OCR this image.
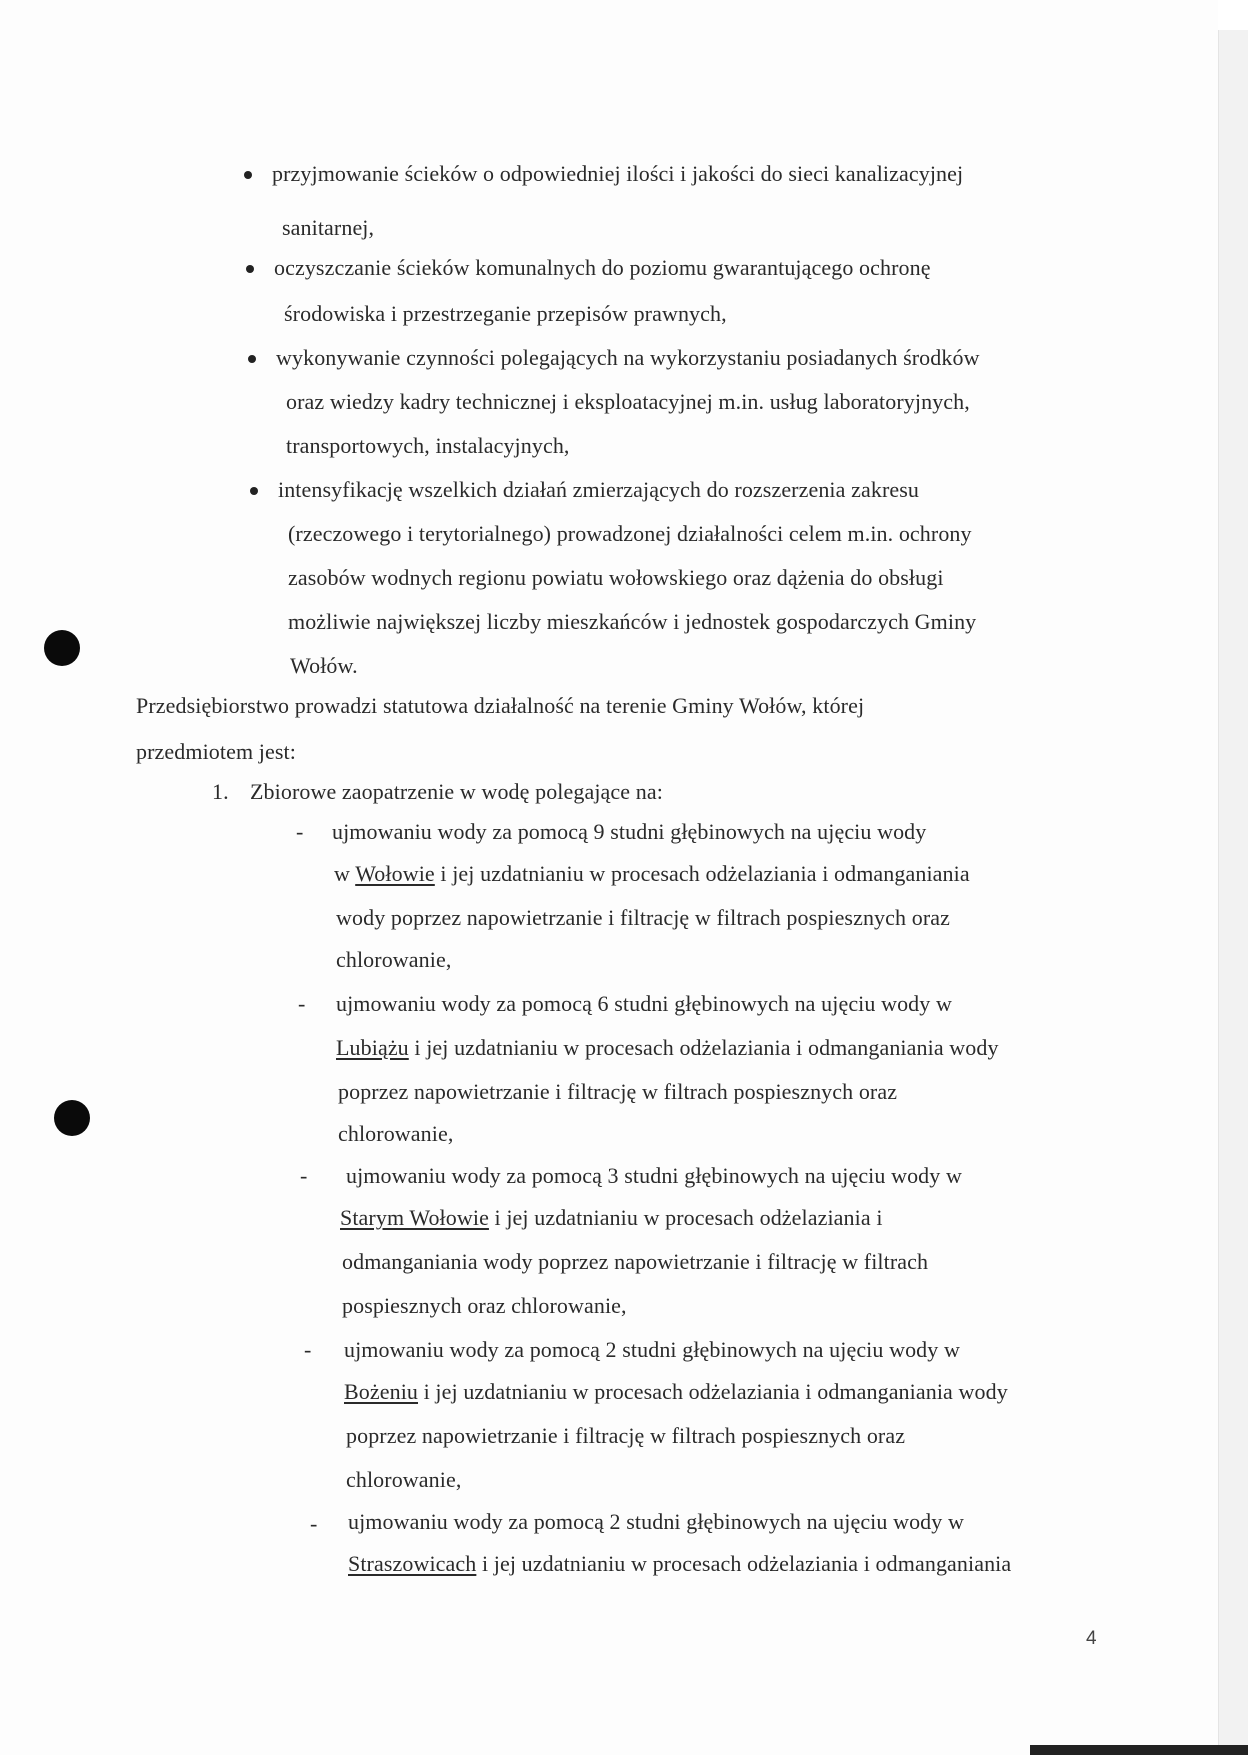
przyjmowanie ścieków o odpowiedniej ilości i jakości do sieci kanalizacyjnej
sanitarnej,
oczyszczanie ścieków komunalnych do poziomu gwarantującego ochronę
środowiska i przestrzeganie przepisów prawnych,
wykonywanie czynności polegających na wykorzystaniu posiadanych środków
oraz wiedzy kadry technicznej i eksploatacyjnej m.in. usług laboratoryjnych,
transportowych, instalacyjnych,
intensyfikację wszelkich działań zmierzających do rozszerzenia zakresu
(rzeczowego i terytorialnego) prowadzonej działalności celem m.in. ochrony
zasobów wodnych regionu powiatu wołowskiego oraz dążenia do obsługi
możliwie największej liczby mieszkańców i jednostek gospodarczych Gminy
Wołów.
Przedsiębiorstwo prowadzi statutowa działalność na terenie Gminy Wołów, której
przedmiotem jest:
1. Zbiorowe zaopatrzenie w wodę polegające na:
- ujmowaniu wody za pomocą 9 studni głębinowych na ujęciu wody
w Wołowie i jej uzdatnianiu w procesach odżelaziania i odmanganiania
wody poprzez napowietrzanie i filtrację w filtrach pospiesznych oraz
chlorowanie,
- ujmowaniu wody za pomocą 6 studni głębinowych na ujęciu wody w
Lubiążu i jej uzdatnianiu w procesach odżelaziania i odmanganiania wody
poprzez napowietrzanie i filtrację w filtrach pospiesznych oraz
chlorowanie,
- ujmowaniu wody za pomocą 3 studni głębinowych na ujęciu wody w
Starym Wołowie i jej uzdatnianiu w procesach odżelaziania i
odmanganiania wody poprzez napowietrzanie i filtrację w filtrach
pospiesznych oraz chlorowanie,
- ujmowaniu wody za pomocą 2 studni głębinowych na ujęciu wody w
Bożeniu i jej uzdatnianiu w procesach odżelaziania i odmanganiania wody
poprzez napowietrzanie i filtrację w filtrach pospiesznych oraz
chlorowanie,
- ujmowaniu wody za pomocą 2 studni głębinowych na ujęciu wody w
Straszowicach i jej uzdatnianiu w procesach odżelaziania i odmanganiania
4
